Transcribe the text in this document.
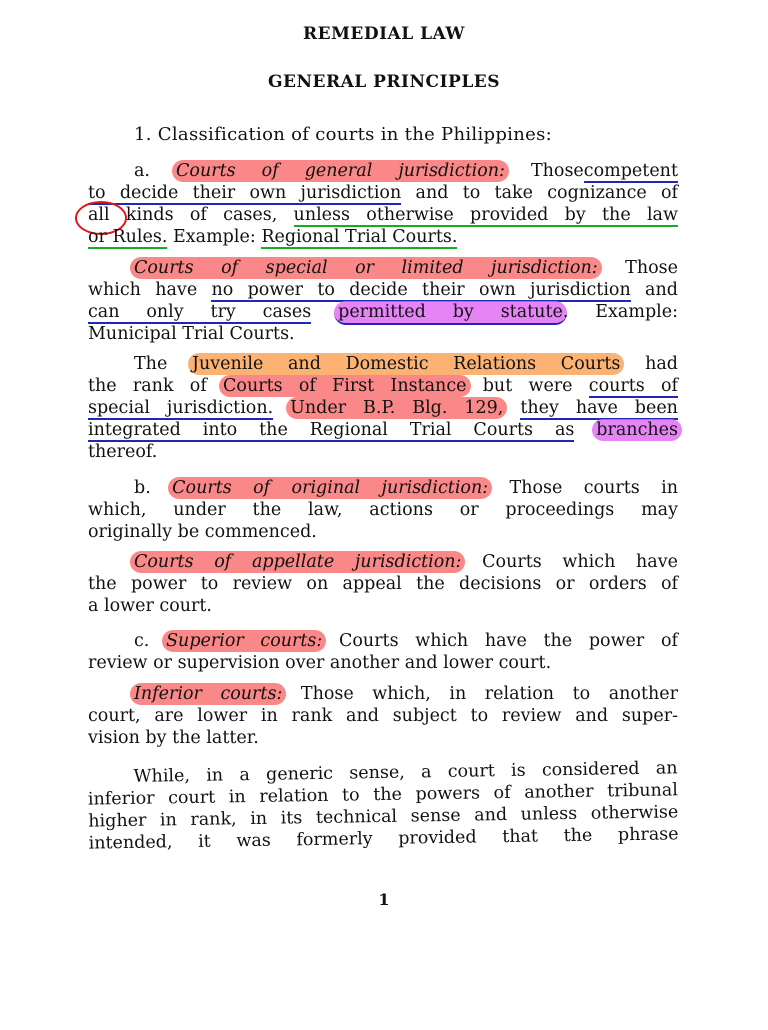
REMEDIAL LAW
GENERAL PRINCIPLES
1. Classification of courts in the Philippines:
a. Courts of general jurisdiction: Thosecompetent
to decide their own jurisdiction and to take cognizance of
all kinds of cases, unless otherwise provided by the law
or Rules. Example: Regional Trial Courts.
Courts of special or limited jurisdiction: Those
which have no power to decide their own jurisdiction and
can only try cases permitted by statute. Example:
Municipal Trial Courts.
The Juvenile and Domestic Relations Courts had
the rank of Courts of First Instance but were courts of
special jurisdiction. Under B.P. Blg. 129, they have been
integrated into the Regional Trial Courts as branches
thereof.
b. Courts of original jurisdiction: Those courts in
which, under the law, actions or proceedings may
originally be commenced.
Courts of appellate jurisdiction: Courts which have
the power to review on appeal the decisions or orders of
a lower court.
c. Superior courts: Courts which have the power of
review or supervision over another and lower court.
Inferior courts: Those which, in relation to another
court, are lower in rank and subject to review and super-
vision by the latter.
While, in a generic sense, a court is considered an
inferior court in relation to the powers of another tribunal
higher in rank, in its technical sense and unless otherwise
intended, it was formerly provided that the phrase
1
